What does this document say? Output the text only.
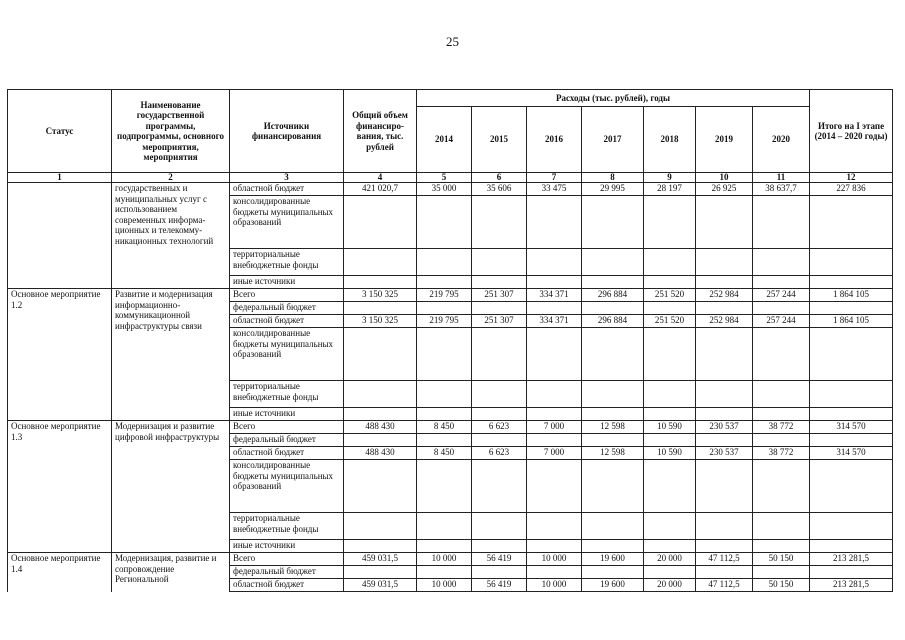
25
Статус	Наименование государственной программы, подпрограммы, основного мероприятия, мероприятия	Источники финансирования	Общий объем финансиро-вания, тыс. рублей	Расходы (тыс. рублей), годы							Итого на I этапе (2014 – 2020 годы)
				2014	2015	2016	2017	2018	2019	2020	
1	2	3	4	5	6	7	8	9	10	11	12
	государственных и муниципальных услуг с использованием современных информа-ционных и телекомму-никационных технологий	областной бюджет	421 020,7	35 000	35 606	33 475	29 995	28 197	26 925	38 637,7	227 836
		консолидированные бюджеты муниципальных образований									
		территориальные внебюджетные фонды									
		иные источники									
Основное мероприятие 1.2	Развитие и модернизация информационно-коммуникационной инфраструктуры связи	Всего	3 150 325	219 795	251 307	334 371	296 884	251 520	252 984	257 244	1 864 105
		федеральный бюджет									
		областной бюджет	3 150 325	219 795	251 307	334 371	296 884	251 520	252 984	257 244	1 864 105
		консолидированные бюджеты муниципальных образований									
		территориальные внебюджетные фонды									
		иные источники									
Основное мероприятие 1.3	Модернизация и развитие цифровой инфраструктуры	Всего	488 430	8 450	6 623	7 000	12 598	10 590	230 537	38 772	314 570
		федеральный бюджет									
		областной бюджет	488 430	8 450	6 623	7 000	12 598	10 590	230 537	38 772	314 570
		консолидированные бюджеты муниципальных образований									
		территориальные внебюджетные фонды									
		иные источники									
Основное мероприятие 1.4	Модернизация, развитие и сопровождение Региональной	Всего	459 031,5	10 000	56 419	10 000	19 600	20 000	47 112,5	50 150	213 281,5
		федеральный бюджет									
		областной бюджет	459 031,5	10 000	56 419	10 000	19 600	20 000	47 112,5	50 150	213 281,5
